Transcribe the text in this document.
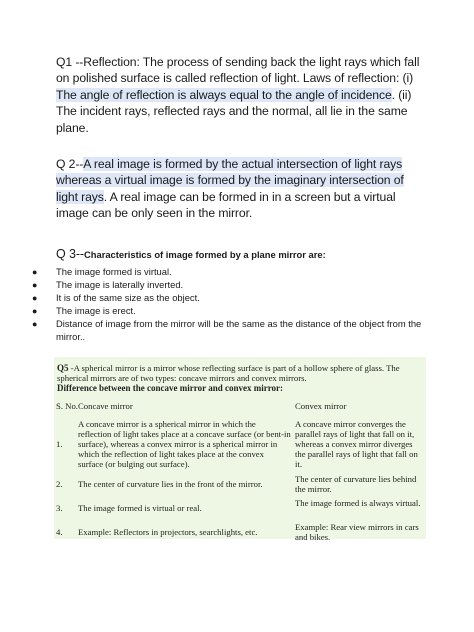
Q1 --Reflection: The process of sending back the light rays which fall on polished surface is called reflection of light. Laws of reflection: (i) The angle of reflection is always equal to the angle of incidence. (ii) The incident rays, reflected rays and the normal, all lie in the same plane.
Q 2--A real image is formed by the actual intersection of light rays whereas a virtual image is formed by the imaginary intersection of light rays. A real image can be formed in in a screen but a virtual image can be only seen in the mirror.
Q 3--Characteristics of image formed by a plane mirror are:
● The image formed is virtual.
● The image is laterally inverted.
● It is of the same size as the object.
● The image is erect.
● Distance of image from the mirror will be the same as the distance of the object from the mirror..
Q5 -A spherical mirror is a mirror whose reflecting surface is part of a hollow sphere of glass. The spherical mirrors are of two types: concave mirrors and convex mirrors.
Difference between the concave mirror and convex mirror:
S. No.	Concave mirror	Convex mirror
1.	A concave mirror is a spherical mirror in which the reflection of light takes place at a concave surface (or bent-in surface), whereas a convex mirror is a spherical mirror in which the reflection of light takes place at the convex surface (or bulging out surface).	A concave mirror converges the parallel rays of light that fall on it, whereas a convex mirror diverges the parallel rays of light that fall on it.
2.	The center of curvature lies in the front of the mirror.	The center of curvature lies behind the mirror.
3.	The image formed is virtual or real.	The image formed is always virtual.
4.	Example: Reflectors in projectors, searchlights, etc.	Example: Rear view mirrors in cars and bikes.
